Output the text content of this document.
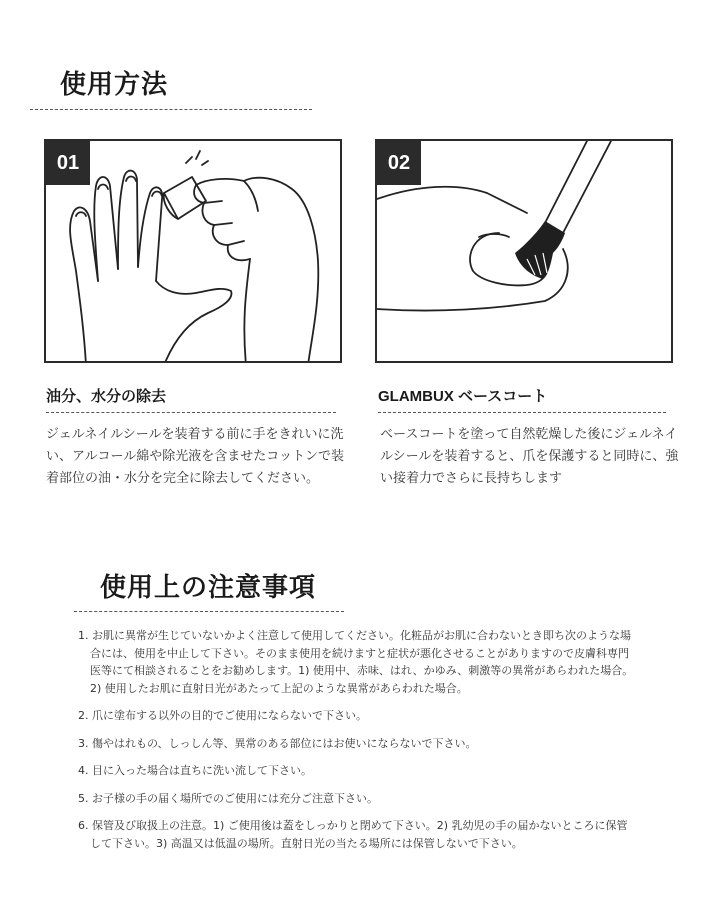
使用方法
01	02
油分、水分の除去	GLAMBUX ベースコート
ジェルネイルシールを装着する前に手をきれいに洗い、アルコール綿や除光液を含ませたコットンで装着部位の油・水分を完全に除去してください。
ベースコートを塗って自然乾燥した後にジェルネイルシールを装着すると、爪を保護すると同時に、強い接着力でさらに長持ちします
使用上の注意事項
1. お肌に異常が生じていないかよく注意して使用してください。化粧品がお肌に合わないとき即ち次のような場合には、使用を中止して下さい。そのまま使用を続けますと症状が悪化させることがありますので皮膚科専門医等にて相談されることをお勧めします。1) 使用中、赤味、はれ、かゆみ、刺激等の異常があらわれた場合。2) 使用したお肌に直射日光があたって上記のような異常があらわれた場合。
2. 爪に塗布する以外の目的でご使用にならないで下さい。
3. 傷やはれもの、しっしん等、異常のある部位にはお使いにならないで下さい。
4. 目に入った場合は直ちに洗い流して下さい。
5. お子様の手の届く場所でのご使用には充分ご注意下さい。
6. 保管及び取扱上の注意。1) ご使用後は蓋をしっかりと閉めて下さい。2) 乳幼児の手の届かないところに保管して下さい。3) 高温又は低温の場所。直射日光の当たる場所には保管しないで下さい。
